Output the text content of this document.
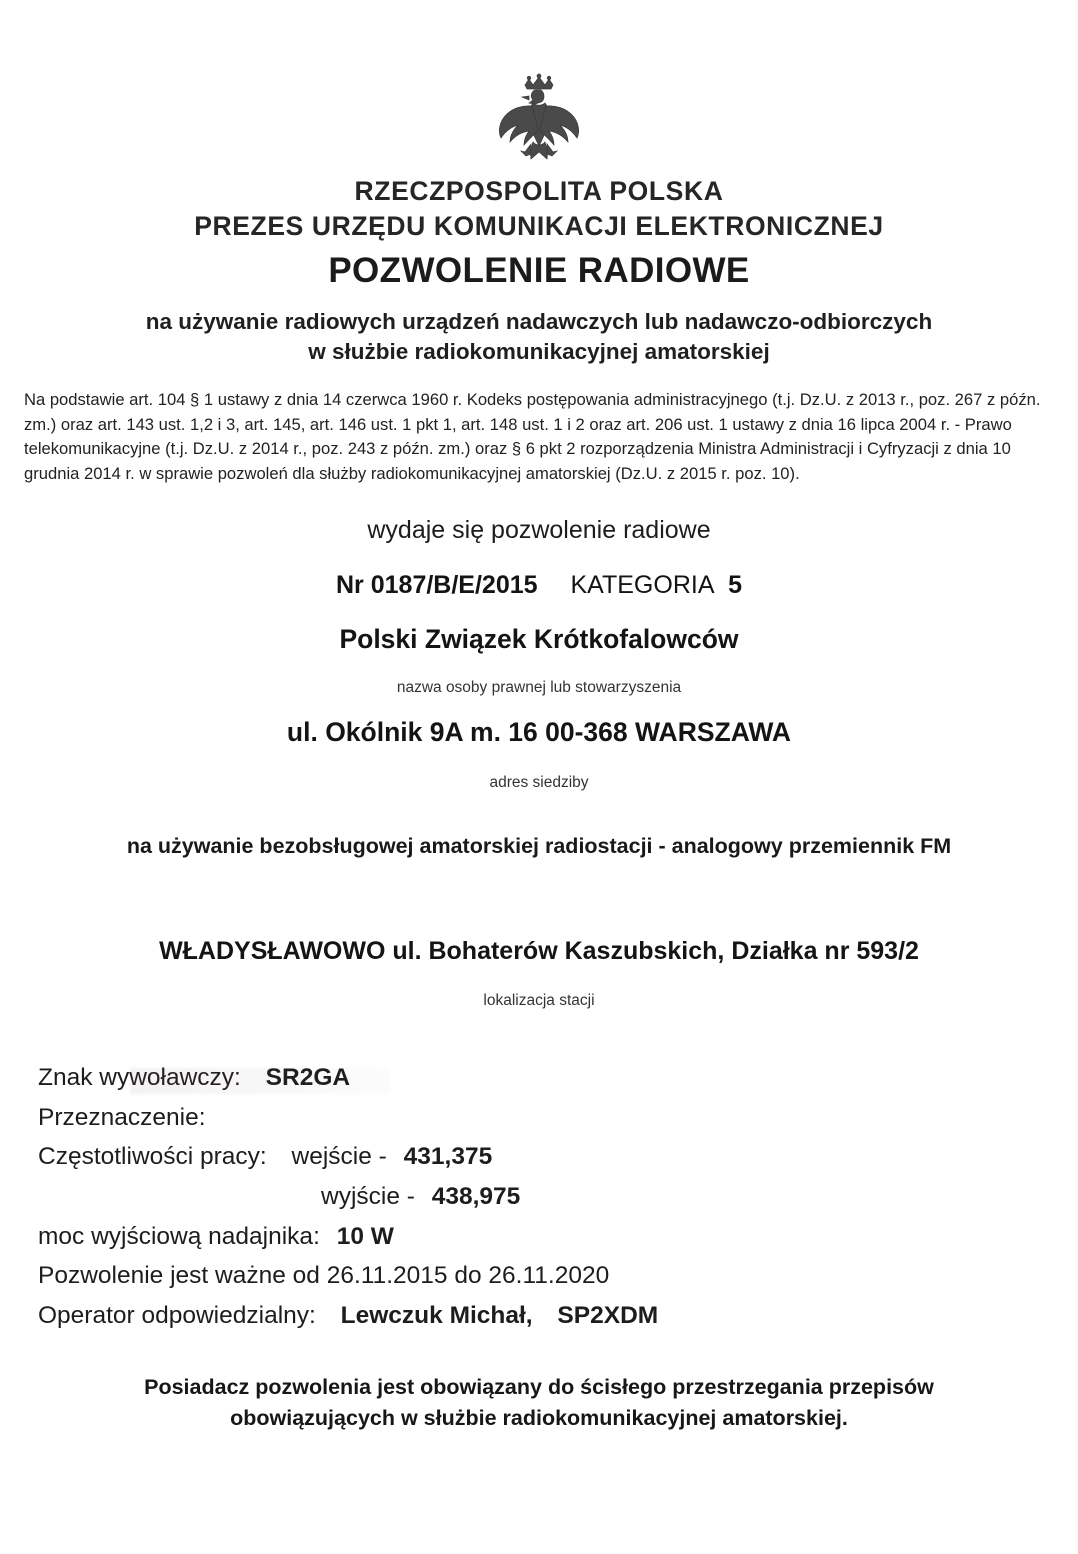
RZECZPOSPOLITA POLSKA
PREZES URZĘDU KOMUNIKACJI ELEKTRONICZNEJ
POZWOLENIE RADIOWE
na używanie radiowych urządzeń nadawczych lub nadawczo-odbiorczych
w służbie radiokomunikacyjnej amatorskiej
Na podstawie art. 104 § 1 ustawy z dnia 14 czerwca 1960 r. Kodeks postępowania administracyjnego (t.j. Dz.U. z 2013 r., poz. 267 z późn. zm.) oraz art. 143 ust. 1,2 i 3, art. 145, art. 146 ust. 1 pkt 1, art. 148 ust. 1 i 2 oraz art. 206 ust. 1 ustawy z dnia 16 lipca 2004 r. - Prawo telekomunikacyjne (t.j. Dz.U. z 2014 r., poz. 243 z późn. zm.) oraz § 6 pkt 2 rozporządzenia Ministra Administracji i Cyfryzacji z dnia 10 grudnia 2014 r. w sprawie pozwoleń dla służby radiokomunikacyjnej amatorskiej (Dz.U. z 2015 r. poz. 10).
wydaje się pozwolenie radiowe
Nr 0187/B/E/2015 KATEGORIA 5
Polski Związek Krótkofalowców
nazwa osoby prawnej lub stowarzyszenia
ul. Okólnik 9A m. 16 00-368 WARSZAWA
adres siedziby
na używanie bezobsługowej amatorskiej radiostacji - analogowy przemiennik FM
WŁADYSŁAWOWO ul. Bohaterów Kaszubskich, Działka nr 593/2
lokalizacja stacji
Znak wywoławczy: SR2GA
Przeznaczenie:
Częstotliwości pracy: wejście - 431,375
wyjście - 438,975
moc wyjściową nadajnika: 10 W
Pozwolenie jest ważne od 26.11.2015 do 26.11.2020
Operator odpowiedzialny: Lewczuk Michał, SP2XDM
Posiadacz pozwolenia jest obowiązany do ścisłego przestrzegania przepisów
obowiązujących w służbie radiokomunikacyjnej amatorskiej.
